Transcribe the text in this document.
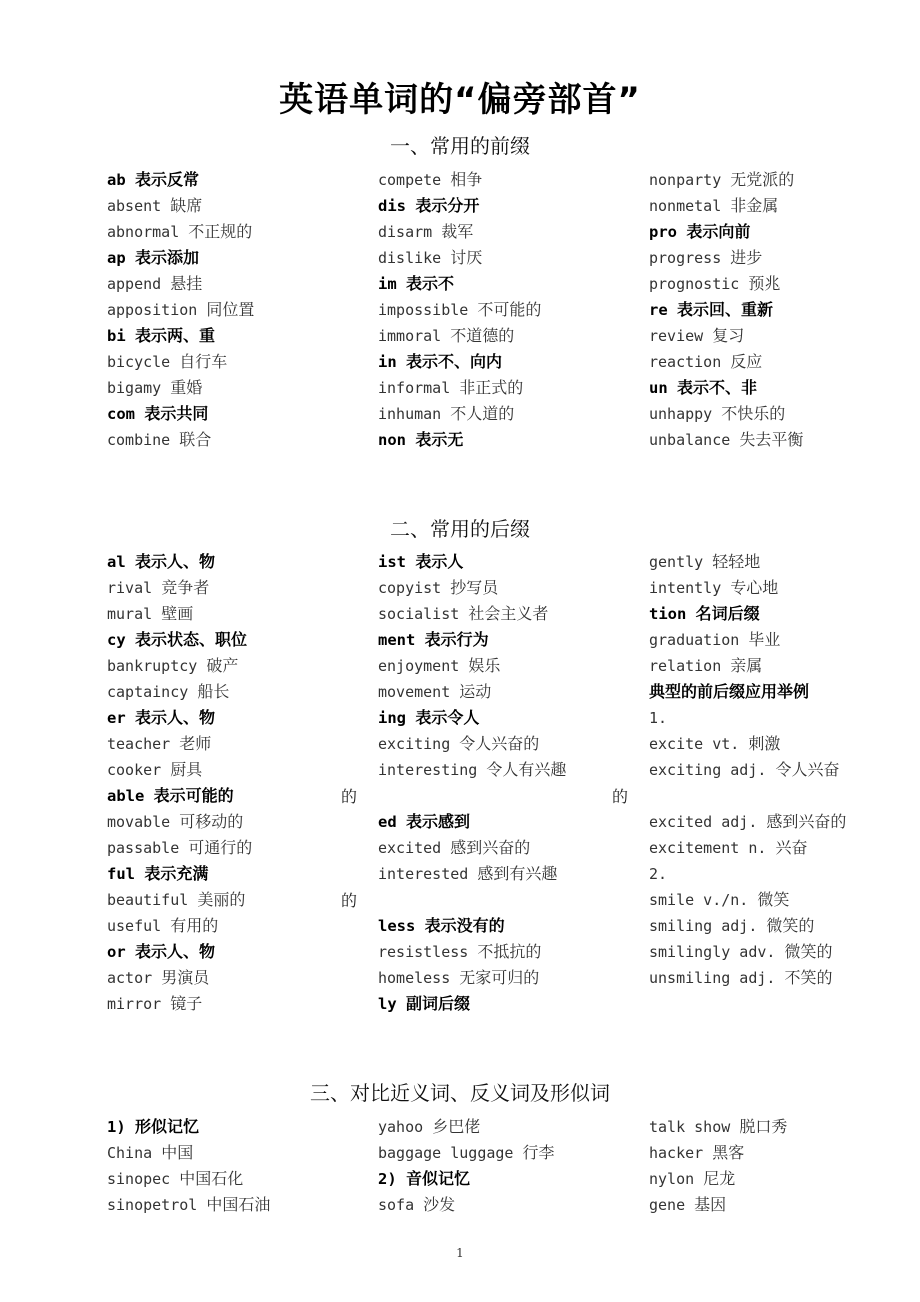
英语单词的“偏旁部首”
一、常用的前缀
ab 表示反常
absent 缺席
abnormal 不正规的
ap 表示添加
append 悬挂
apposition 同位置
bi 表示两、重
bicycle 自行车
bigamy 重婚
com 表示共同
combine 联合
compete 相争
dis 表示分开
disarm 裁军
dislike 讨厌
im 表示不
impossible 不可能的
immoral 不道德的
in 表示不、向内
informal 非正式的
inhuman 不人道的
non 表示无
nonparty 无党派的
nonmetal 非金属
pro 表示向前
progress 进步
prognostic 预兆
re 表示回、重新
review 复习
reaction 反应
un 表示不、非
unhappy 不快乐的
unbalance 失去平衡
二、常用的后缀
al 表示人、物
rival 竞争者
mural 壁画
cy 表示状态、职位
bankruptcy 破产
captaincy 船长
er 表示人、物
teacher 老师
cooker 厨具
able 表示可能的
movable 可移动的
passable 可通行的
ful 表示充满
beautiful 美丽的
useful 有用的
or 表示人、物
actor 男演员
mirror 镜子
ist 表示人
copyist 抄写员
socialist 社会主义者
ment 表示行为
enjoyment 娱乐
movement 运动
ing 表示令人
exciting 令人兴奋的
interesting 令人有兴趣
ed 表示感到
excited 感到兴奋的
interested 感到有兴趣
less 表示没有的
resistless 不抵抗的
homeless 无家可归的
ly 副词后缀
gently 轻轻地
intently 专心地
tion 名词后缀
graduation 毕业
relation 亲属
典型的前后缀应用举例
1.
excite vt. 刺激
exciting adj. 令人兴奋
excited adj. 感到兴奋的
excitement n. 兴奋
2.
smile v./n. 微笑
smiling adj. 微笑的
smilingly adv. 微笑的
unsmiling adj. 不笑的
的	的
的
三、对比近义词、反义词及形似词
1) 形似记忆
China 中国
sinopec 中国石化
sinopetrol 中国石油
yahoo 乡巴佬
baggage luggage 行李
2) 音似记忆
sofa 沙发
talk show 脱口秀
hacker 黑客
nylon 尼龙
gene 基因
1
